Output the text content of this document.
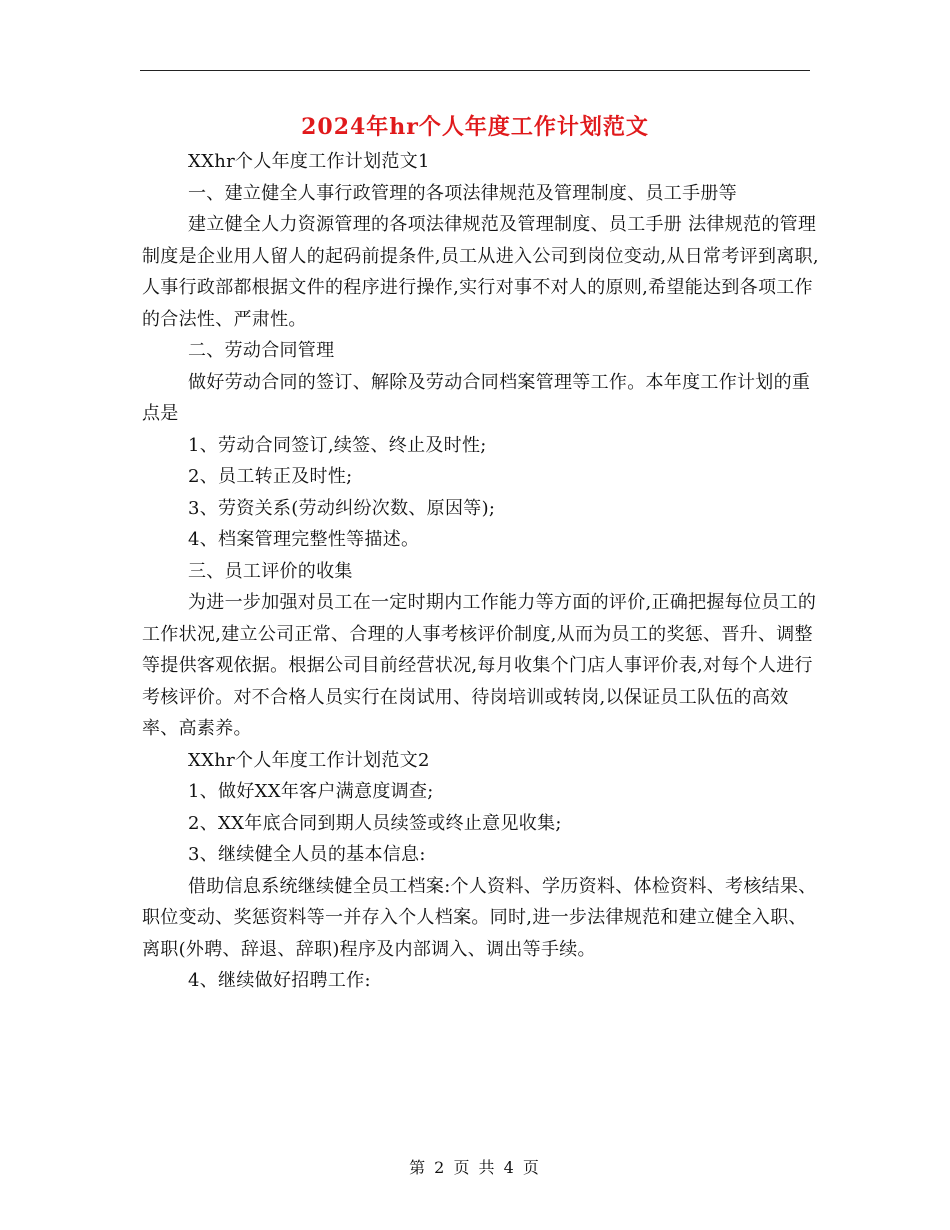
2024年hr个人年度工作计划范文

XXhr个人年度工作计划范文1

一、建立健全人事行政管理的各项法律规范及管理制度、员工手册等

建立健全人力资源管理的各项法律规范及管理制度、员工手册 法律规范的管理制度是企业用人留人的起码前提条件,员工从进入公司到岗位变动,从日常考评到离职,人事行政部都根据文件的程序进行操作,实行对事不对人的原则,希望能达到各项工作的合法性、严肃性。

二、劳动合同管理

做好劳动合同的签订、解除及劳动合同档案管理等工作。本年度工作计划的重点是

1、劳动合同签订,续签、终止及时性;

2、员工转正及时性;

3、劳资关系(劳动纠纷次数、原因等);

4、档案管理完整性等描述。

三、员工评价的收集

为进一步加强对员工在一定时期内工作能力等方面的评价,正确把握每位员工的工作状况,建立公司正常、合理的人事考核评价制度,从而为员工的奖惩、晋升、调整等提供客观依据。根据公司目前经营状况,每月收集个门店人事评价表,对每个人进行考核评价。对不合格人员实行在岗试用、待岗培训或转岗,以保证员工队伍的高效率、高素养。

XXhr个人年度工作计划范文2

1、做好XX年客户满意度调查;

2、XX年底合同到期人员续签或终止意见收集;

3、继续健全人员的基本信息:

借助信息系统继续健全员工档案:个人资料、学历资料、体检资料、考核结果、职位变动、奖惩资料等一并存入个人档案。同时,进一步法律规范和建立健全入职、离职(外聘、辞退、辞职)程序及内部调入、调出等手续。

4、继续做好招聘工作:

第 2 页 共 4 页
